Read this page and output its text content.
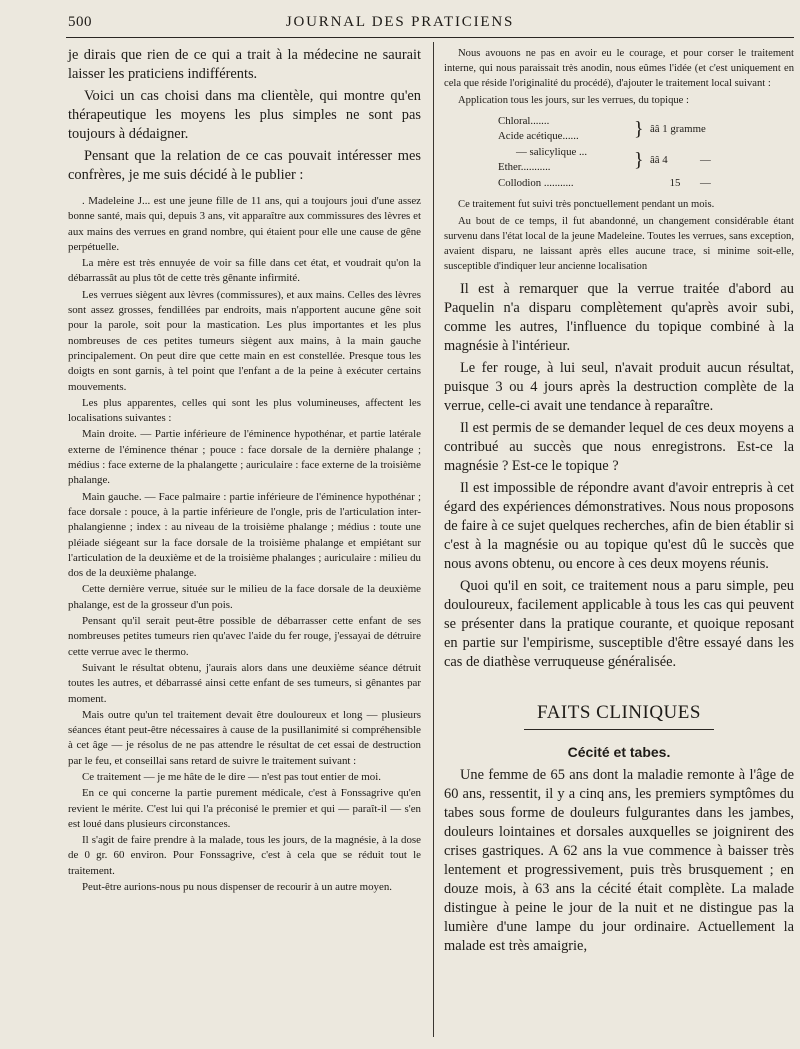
500	JOURNAL DES PRATICIENS

je dirais que rien de ce qui a trait à la médecine ne saurait laisser les praticiens indifférents.

Voici un cas choisi dans ma clientèle, qui montre qu'en thérapeutique les moyens les plus simples ne sont pas toujours à dédaigner.

Pensant que la relation de ce cas pouvait intéresser mes confrères, je me suis décidé à le publier :

. Madeleine J... est une jeune fille de 11 ans, qui a toujours joui d'une assez bonne santé, mais qui, depuis 3 ans, vit apparaître aux commissures des lèvres et aux mains des verrues en grand nombre, qui étaient pour elle une cause de gêne perpétuelle.

La mère est très ennuyée de voir sa fille dans cet état, et voudrait qu'on la débarrassât au plus tôt de cette très gênante infirmité.

Les verrues siègent aux lèvres (commissures), et aux mains. Celles des lèvres sont assez grosses, fendillées par endroits, mais n'apportent aucune gêne soit pour la parole, soit pour la mastication. Les plus importantes et les plus nombreuses de ces petites tumeurs siègent aux mains, à la main gauche principalement. On peut dire que cette main en est constellée. Presque tous les doigts en sont garnis, à tel point que l'enfant a de la peine à exécuter certains mouvements.

Les plus apparentes, celles qui sont les plus volumineuses, affectent les localisations suivantes :

Main droite. — Partie inférieure de l'éminence hypothénar, et partie latérale externe de l'éminence thénar ; pouce : face dorsale de la dernière phalange ; médius : face externe de la phalangette ; auriculaire : face externe de la troisième phalange.

Main gauche. — Face palmaire : partie inférieure de l'éminence hypothénar ; face dorsale : pouce, à la partie inférieure de l'ongle, pris de l'articulation inter-phalangienne ; index : au niveau de la troisième phalange ; médius : toute une pléiade siégeant sur la face dorsale de la troisième phalange et empiétant sur l'articulation de la deuxième et de la troisième phalanges ; auriculaire : milieu du dos de la deuxième phalange.

Cette dernière verrue, située sur le milieu de la face dorsale de la deuxième phalange, est de la grosseur d'un pois.

Pensant qu'il serait peut-être possible de débarrasser cette enfant de ses nombreuses petites tumeurs rien qu'avec l'aide du fer rouge, j'essayai de détruire cette verrue avec le thermo.

Suivant le résultat obtenu, j'aurais alors dans une deuxième séance détruit toutes les autres, et débarrassé ainsi cette enfant de ses tumeurs, si gênantes par moment.

Mais outre qu'un tel traitement devait être douloureux et long — plusieurs séances étant peut-être nécessaires à cause de la pusillanimité si compréhensible à cet âge — je résolus de ne pas attendre le résultat de cet essai de destruction par le feu, et conseillai sans retard de suivre le traitement suivant :

Ce traitement — je me hâte de le dire — n'est pas tout entier de moi.

En ce qui concerne la partie purement médicale, c'est à Fonssagrive qu'en revient le mérite. C'est lui qui l'a préconisé le premier et qui — paraît-il — s'en est loué dans plusieurs circonstances.

Il s'agit de faire prendre à la malade, tous les jours, de la magnésie, à la dose de 0 gr. 60 environ. Pour Fonssagrive, c'est à cela que se réduit tout le traitement.

Peut-être aurions-nous pu nous dispenser de recourir à un autre moyen.

Nous avouons ne pas en avoir eu le courage, et pour corser le traitement interne, qui nous paraissait très anodin, nous eûmes l'idée (et c'est uniquement en cela que réside l'originalité du procédé), d'ajouter le traitement local suivant :

Application tous les jours, sur les verrues, du topique :

Chloral.......	}	ââ 1 gramme	
Acide acétique......			
— salicylique ...	}	ââ 4	—
Ether...........			
Collodion ...........		15	—

Ce traitement fut suivi très ponctuellement pendant un mois.

Au bout de ce temps, il fut abandonné, un changement considérable étant survenu dans l'état local de la jeune Madeleine. Toutes les verrues, sans exception, avaient disparu, ne laissant après elles aucune trace, si minime soit-elle, susceptible d'indiquer leur ancienne localisation

Il est à remarquer que la verrue traitée d'abord au Paquelin n'a disparu complètement qu'après avoir subi, comme les autres, l'influence du topique combiné à la magnésie à l'intérieur.

Le fer rouge, à lui seul, n'avait produit aucun résultat, puisque 3 ou 4 jours après la destruction complète de la verrue, celle-ci avait une tendance à reparaître.

Il est permis de se demander lequel de ces deux moyens a contribué au succès que nous enregistrons. Est-ce la magnésie ? Est-ce le topique ?

Il est impossible de répondre avant d'avoir entrepris à cet égard des expériences démonstratives. Nous nous proposons de faire à ce sujet quelques recherches, afin de bien établir si c'est à la magnésie ou au topique qu'est dû le succès que nous avons obtenu, ou encore à ces deux moyens réunis.

Quoi qu'il en soit, ce traitement nous a paru simple, peu douloureux, facilement applicable à tous les cas qui peuvent se présenter dans la pratique courante, et quoique reposant en partie sur l'empirisme, susceptible d'être essayé dans les cas de diathèse verruqueuse généralisée.

FAITS CLINIQUES

Cécité et tabes.

Une femme de 65 ans dont la maladie remonte à l'âge de 60 ans, ressentit, il y a cinq ans, les premiers symptômes du tabes sous forme de douleurs fulgurantes dans les jambes, douleurs lointaines et dorsales auxquelles se joignirent des crises gastriques. A 62 ans la vue commence à baisser très lentement et progressivement, puis très brusquement ; en douze mois, à 63 ans la cécité était complète. La malade distingue à peine le jour de la nuit et ne distingue pas la lumière d'une lampe du jour ordinaire. Actuellement la malade est très amaigrie,
